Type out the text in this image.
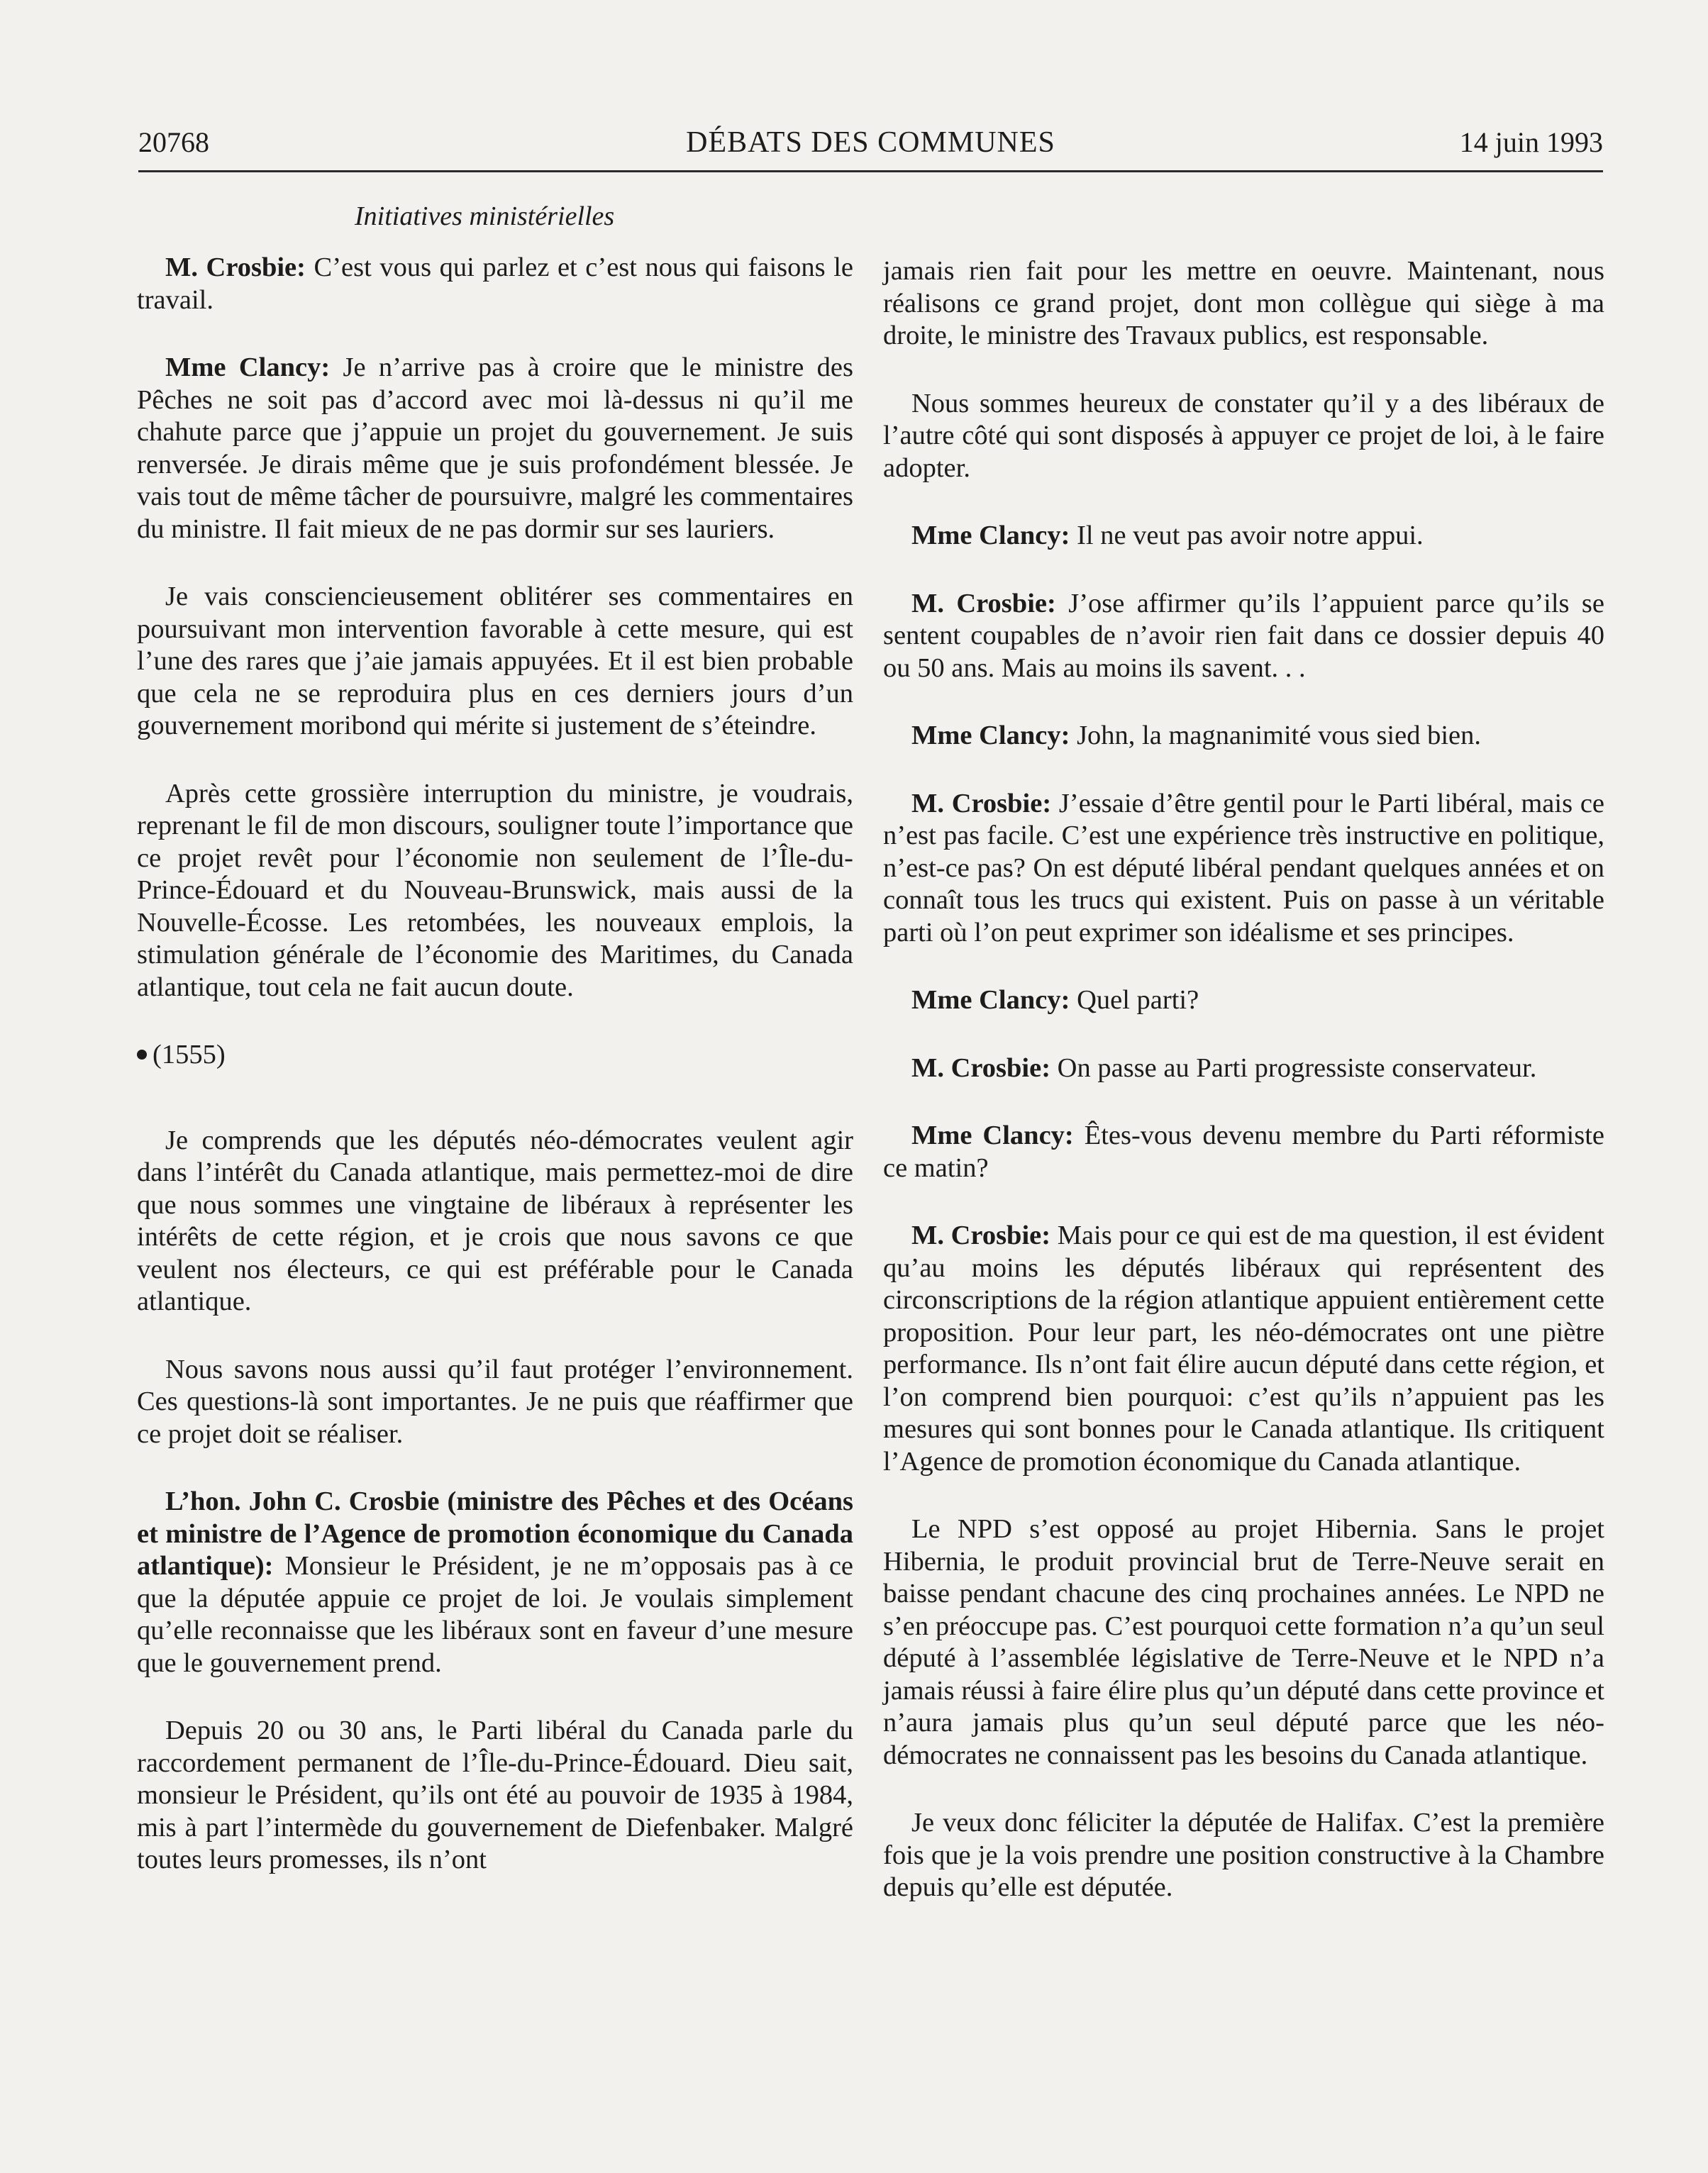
20768	DÉBATS DES COMMUNES	14 juin 1993
Initiatives ministérielles

M. Crosbie: C’est vous qui parlez et c’est nous qui faisons le travail.

Mme Clancy: Je n’arrive pas à croire que le ministre des Pêches ne soit pas d’accord avec moi là-dessus ni qu’il me chahute parce que j’appuie un projet du gouvernement. Je suis renversée. Je dirais même que je suis profondément blessée. Je vais tout de même tâcher de poursuivre, malgré les commentaires du ministre. Il fait mieux de ne pas dormir sur ses lauriers.

Je vais consciencieusement oblitérer ses commentaires en poursuivant mon intervention favorable à cette mesure, qui est l’une des rares que j’aie jamais appuyées. Et il est bien probable que cela ne se reproduira plus en ces derniers jours d’un gouvernement moribond qui mérite si justement de s’éteindre.

Après cette grossière interruption du ministre, je voudrais, reprenant le fil de mon discours, souligner toute l’importance que ce projet revêt pour l’économie non seulement de l’Île-du-Prince-Édouard et du Nouveau-Brunswick, mais aussi de la Nouvelle-Écosse. Les retombées, les nouveaux emplois, la stimulation générale de l’économie des Maritimes, du Canada atlantique, tout cela ne fait aucun doute.

(1555)

Je comprends que les députés néo-démocrates veulent agir dans l’intérêt du Canada atlantique, mais permettez-moi de dire que nous sommes une vingtaine de libéraux à représenter les intérêts de cette région, et je crois que nous savons ce que veulent nos électeurs, ce qui est préférable pour le Canada atlantique.

Nous savons nous aussi qu’il faut protéger l’environnement. Ces questions-là sont importantes. Je ne puis que réaffirmer que ce projet doit se réaliser.

L’hon. John C. Crosbie (ministre des Pêches et des Océans et ministre de l’Agence de promotion économique du Canada atlantique): Monsieur le Président, je ne m’opposais pas à ce que la députée appuie ce projet de loi. Je voulais simplement qu’elle reconnaisse que les libéraux sont en faveur d’une mesure que le gouvernement prend.

Depuis 20 ou 30 ans, le Parti libéral du Canada parle du raccordement permanent de l’Île-du-Prince-Édouard. Dieu sait, monsieur le Président, qu’ils ont été au pouvoir de 1935 à 1984, mis à part l’intermède du gouvernement de Diefenbaker. Malgré toutes leurs promesses, ils n’ont

jamais rien fait pour les mettre en oeuvre. Maintenant, nous réalisons ce grand projet, dont mon collègue qui siège à ma droite, le ministre des Travaux publics, est responsable.

Nous sommes heureux de constater qu’il y a des libéraux de l’autre côté qui sont disposés à appuyer ce projet de loi, à le faire adopter.

Mme Clancy: Il ne veut pas avoir notre appui.

M. Crosbie: J’ose affirmer qu’ils l’appuient parce qu’ils se sentent coupables de n’avoir rien fait dans ce dossier depuis 40 ou 50 ans. Mais au moins ils savent. . .

Mme Clancy: John, la magnanimité vous sied bien.

M. Crosbie: J’essaie d’être gentil pour le Parti libéral, mais ce n’est pas facile. C’est une expérience très instructive en politique, n’est-ce pas? On est député libéral pendant quelques années et on connaît tous les trucs qui existent. Puis on passe à un véritable parti où l’on peut exprimer son idéalisme et ses principes.

Mme Clancy: Quel parti?

M. Crosbie: On passe au Parti progressiste conservateur.

Mme Clancy: Êtes-vous devenu membre du Parti réformiste ce matin?

M. Crosbie: Mais pour ce qui est de ma question, il est évident qu’au moins les députés libéraux qui représentent des circonscriptions de la région atlantique appuient entièrement cette proposition. Pour leur part, les néo-démocrates ont une piètre performance. Ils n’ont fait élire aucun député dans cette région, et l’on comprend bien pourquoi: c’est qu’ils n’appuient pas les mesures qui sont bonnes pour le Canada atlantique. Ils critiquent l’Agence de promotion économique du Canada atlantique.

Le NPD s’est opposé au projet Hibernia. Sans le projet Hibernia, le produit provincial brut de Terre-Neuve serait en baisse pendant chacune des cinq prochaines années. Le NPD ne s’en préoccupe pas. C’est pourquoi cette formation n’a qu’un seul député à l’assemblée législative de Terre-Neuve et le NPD n’a jamais réussi à faire élire plus qu’un député dans cette province et n’aura jamais plus qu’un seul député parce que les néo-démocrates ne connaissent pas les besoins du Canada atlantique.

Je veux donc féliciter la députée de Halifax. C’est la première fois que je la vois prendre une position constructive à la Chambre depuis qu’elle est députée.
